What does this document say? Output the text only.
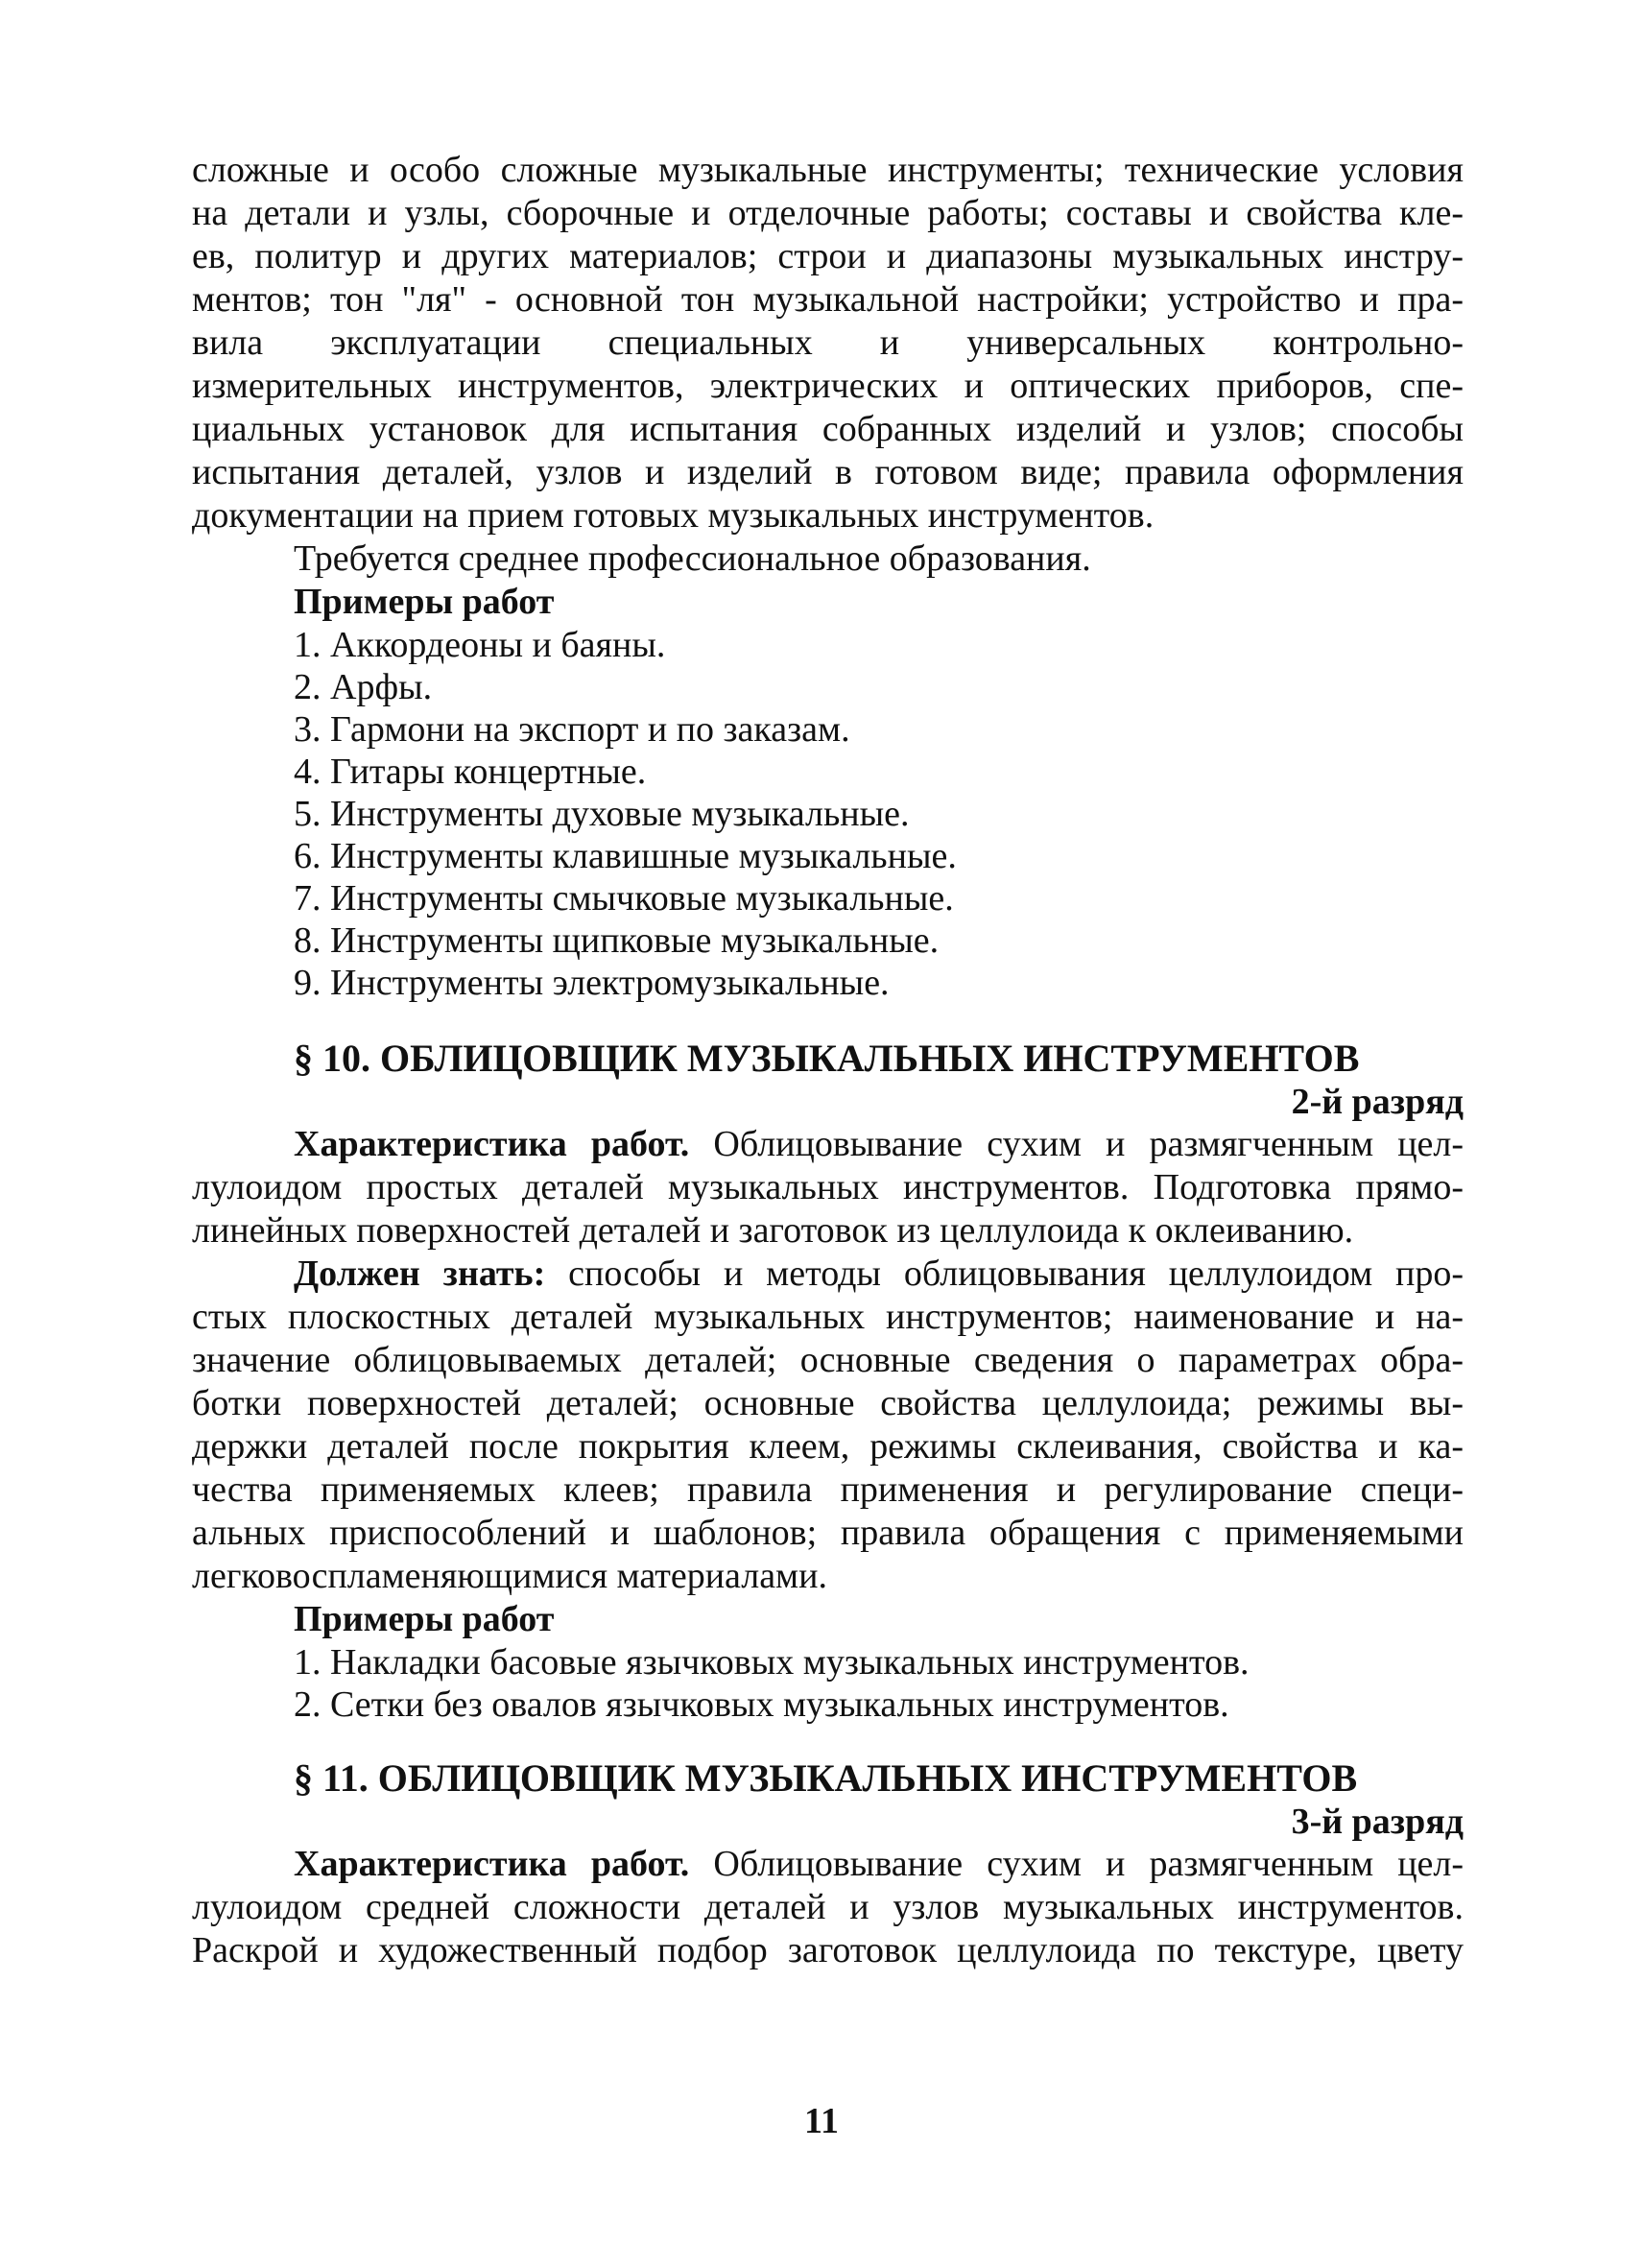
сложные и особо сложные музыкальные инструменты; технические условия

на детали и узлы, сборочные и отделочные работы; составы и свойства кле-

ев, политур и других материалов; строи и диапазоны музыкальных инстру-

ментов; тон "ля" - основной тон музыкальной настройки; устройство и пра-

вила эксплуатации специальных и универсальных контрольно-

измерительных инструментов, электрических и оптических приборов, спе-

циальных установок для испытания собранных изделий и узлов; способы

испытания деталей, узлов и изделий в готовом виде; правила оформления

документации на прием готовых музыкальных инструментов.

Требуется среднее профессиональное образования.

Примеры работ

1. Аккордеоны и баяны.
2. Арфы.
3. Гармони на экспорт и по заказам.
4. Гитары концертные.
5. Инструменты духовые музыкальные.
6. Инструменты клавишные музыкальные.
7. Инструменты смычковые музыкальные.
8. Инструменты щипковые музыкальные.
9. Инструменты электромузыкальные.

§ 10. ОБЛИЦОВЩИК МУЗЫКАЛЬНЫХ ИНСТРУМЕНТОВ

2-й разряд

Характеристика работ. Облицовывание сухим и размягченным цел-

лулоидом простых деталей музыкальных инструментов. Подготовка прямо-

линейных поверхностей деталей и заготовок из целлулоида к оклеиванию.

Должен знать: способы и методы облицовывания целлулоидом про-

стых плоскостных деталей музыкальных инструментов; наименование и на-

значение облицовываемых деталей; основные сведения о параметрах обра-

ботки поверхностей деталей; основные свойства целлулоида; режимы вы-

держки деталей после покрытия клеем, режимы склеивания, свойства и ка-

чества применяемых клеев; правила применения и регулирование специ-

альных приспособлений и шаблонов; правила обращения с применяемыми

легковоспламеняющимися материалами.

Примеры работ

1. Накладки басовые язычковых музыкальных инструментов.
2. Сетки без овалов язычковых музыкальных инструментов.

§ 11. ОБЛИЦОВЩИК МУЗЫКАЛЬНЫХ ИНСТРУМЕНТОВ

3-й разряд

Характеристика работ. Облицовывание сухим и размягченным цел-

лулоидом средней сложности деталей и узлов музыкальных инструментов.

Раскрой и художественный подбор заготовок целлулоида по текстуре, цвету

11
